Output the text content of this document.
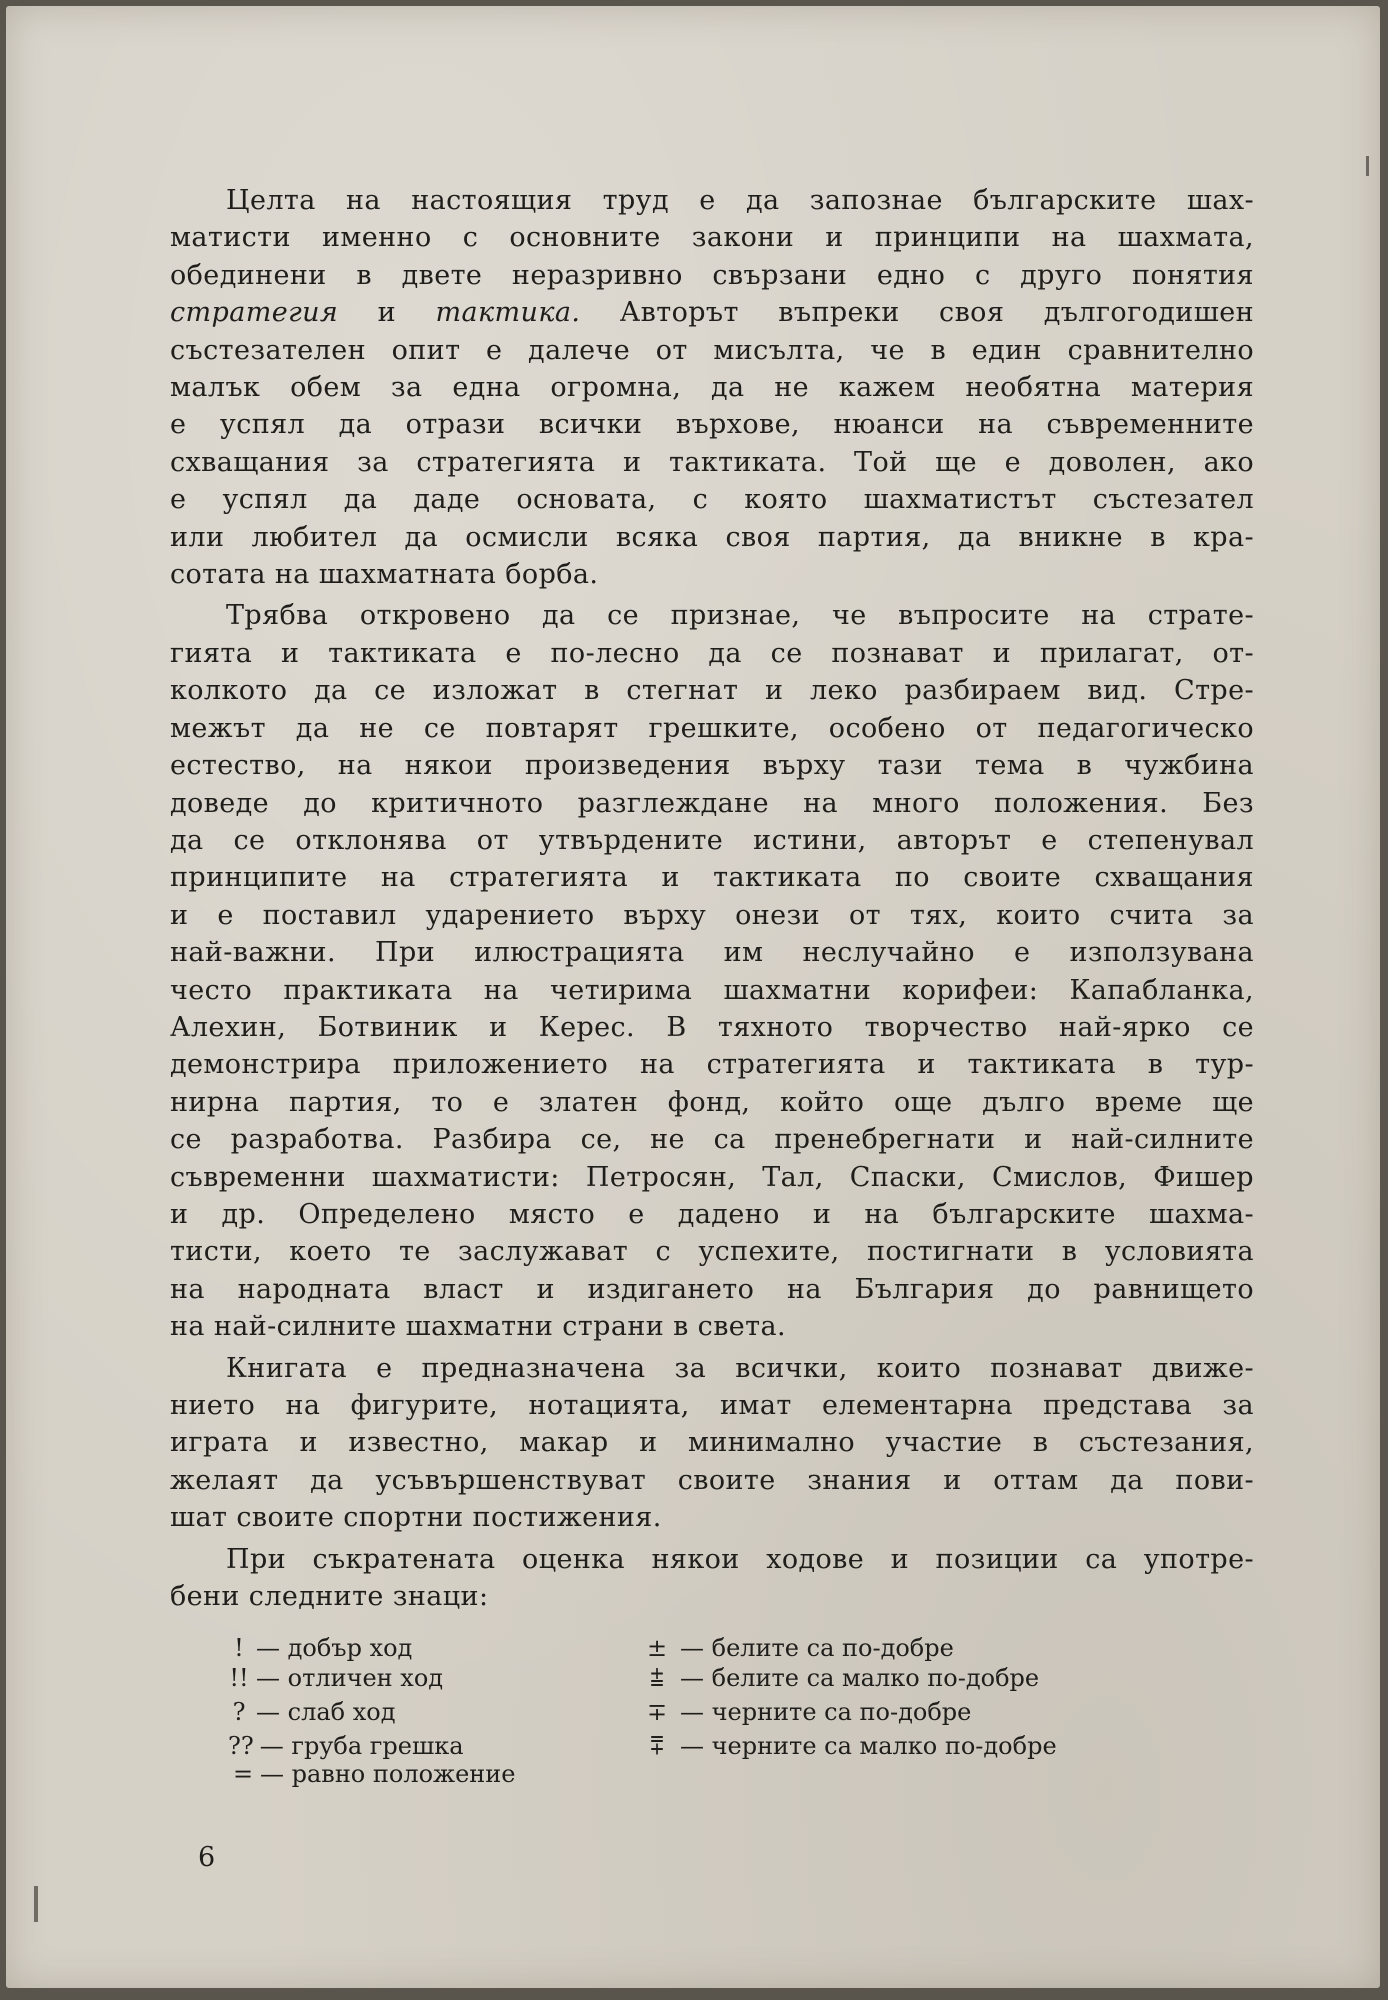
Целта на настоящия труд е да запознае българските шах-
матисти именно с основните закони и принципи на шахмата,
обединени в двете неразривно свързани едно с друго понятия
стратегия и тактика. Авторът въпреки своя дългогодишен
състезателен опит е далече от мисълта, че в един сравнително
малък обем за една огромна, да не кажем необятна материя
е успял да отрази всички върхове, нюанси на съвременните
схващания за стратегията и тактиката. Той ще е доволен, ако
е успял да даде основата, с която шахматистът състезател
или любител да осмисли всяка своя партия, да вникне в кра-
сотата на шахматната борба.

Трябва откровено да се признае, че въпросите на страте-
гията и тактиката е по-лесно да се познават и прилагат, от-
колкото да се изложат в стегнат и леко разбираем вид. Стре-
межът да не се повтарят грешките, особено от педагогическо
естество, на някои произведения върху тази тема в чужбина
доведе до критичното разглеждане на много положения. Без
да се отклонява от утвърдените истини, авторът е степенувал
принципите на стратегията и тактиката по своите схващания
и е поставил ударението върху онези от тях, които счита за
най-важни. При илюстрацията им неслучайно е използувана
често практиката на четирима шахматни корифеи: Капабланка,
Алехин, Ботвиник и Керес. В тяхното творчество най-ярко се
демонстрира приложението на стратегията и тактиката в тур-
нирна партия, то е златен фонд, който още дълго време ще
се разработва. Разбира се, не са пренебрегнати и най-силните
съвременни шахматисти: Петросян, Тал, Спаски, Смислов, Фишер
и др. Определено място е дадено и на българските шахма-
тисти, което те заслужават с успехите, постигнати в условията
на народната власт и издигането на България до равнището
на най-силните шахматни страни в света.

Книгата е предназначена за всички, които познават движе-
нието на фигурите, нотацията, имат елементарна представа за
играта и известно, макар и минимално участие в състезания,
желаят да усъвършенствуват своите знания и оттам да пови-
шат своите спортни постижения.

При съкратената оценка някои ходове и позиции са употре-
бени следните знаци:

! — добър ход
!! — отличен ход
? — слаб ход
?? — груба грешка
= — равно положение
± — белите са по-добре
⩲ — белите са малко по-добре
∓ — черните са по-добре
⩱ — черните са малко по-добре
6
